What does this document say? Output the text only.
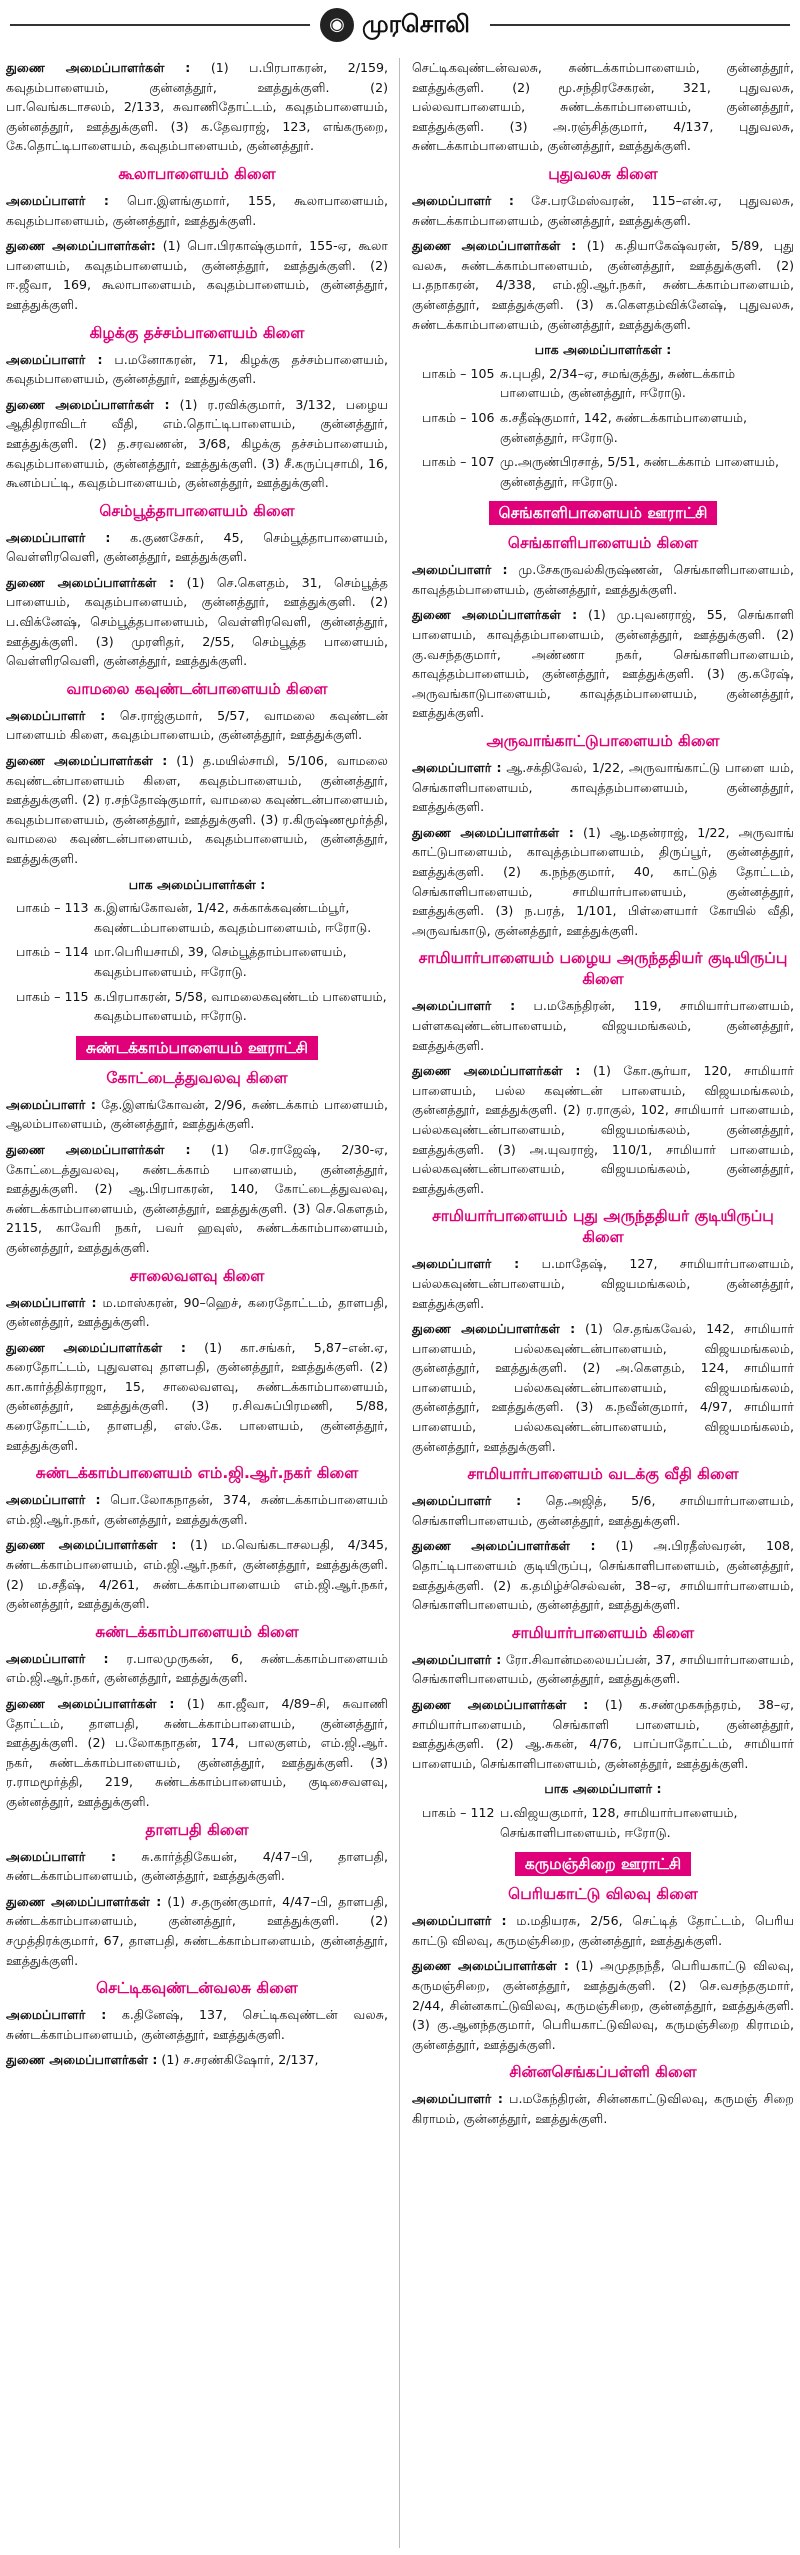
◉ முரசொலி

துணை அமைப்பாளர்கள் : (1) ப.பிரபாகரன், 2/159, கவுதம்பாளையம், குன்னத்தூர், ஊத்துக்குளி. (2) பா.வெங்கடாசலம், 2/133, சுவாணிதோட்டம், கவுதம்பாளையம், குன்னத்தூர், ஊத்துக்குளி. (3) க.தேவராஜ், 123, எங்கருறை, கே.தொட்டிபாளையம், கவுதம்பாளையம், குன்னத்தூர்.

கூலாபாளையம் கிளை

அமைப்பாளர் : பொ.இளங்குமார், 155, கூலாபாளையம், கவுதம்பாளையம், குன்னத்தூர், ஊத்துக்குளி.

துணை அமைப்பாளர்கள்: (1) பொ.பிரகாஷ்குமார், 155-ஏ, கூலா பாளையம், கவுதம்பாளையம், குன்னத்தூர், ஊத்துக்குளி. (2) ஈ.ஜீவா, 169, கூலாபாளையம், கவுதம்பாளையம், குன்னத்தூர், ஊத்துக்குளி.

கிழக்கு தச்சம்பாளையம் கிளை

அமைப்பாளர் : ப.மனோகரன், 71, கிழக்கு தச்சம்பாளையம், கவுதம்பாளையம், குன்னத்தூர், ஊத்துக்குளி.

துணை அமைப்பாளர்கள் : (1) ர.ரவிக்குமார், 3/132, பழைய ஆதிதிராவிடர் வீதி, எம்.தொட்டிபாளையம், குன்னத்தூர், ஊத்துக்குளி. (2) த.சரவணன், 3/68, கிழக்கு தச்சம்பாளையம், கவுதம்பாளையம், குன்னத்தூர், ஊத்துக்குளி. (3) சீ.கருப்புசாமி, 16, கூனம்பட்டி, கவுதம்பாளையம், குன்னத்தூர், ஊத்துக்குளி.

செம்பூத்தாபாளையம் கிளை

அமைப்பாளர் : க.குணசேகர், 45, செம்பூத்தாபாளையம், வெள்ளிரவெளி, குன்னத்தூர், ஊத்துக்குளி.

துணை அமைப்பாளர்கள் : (1) செ.கௌதம், 31, செம்பூத்த பாளையம், கவுதம்பாளையம், குன்னத்தூர், ஊத்துக்குளி. (2) ப.விக்னேஷ், செம்பூத்தபாளையம், வெள்ளிரவெளி, குன்னத்தூர், ஊத்துக்குளி. (3) முரளிதர், 2/55, செம்பூத்த பாளையம், வெள்ளிரவெளி, குன்னத்தூர், ஊத்துக்குளி.

வாமலை கவுண்டன்பாளையம் கிளை

அமைப்பாளர் : செ.ராஜ்குமார், 5/57, வாமலை கவுண்டன் பாளையம் கிளை, கவுதம்பாளையம், குன்னத்தூர், ஊத்துக்குளி.

துணை அமைப்பாளர்கள் : (1) த.மயில்சாமி, 5/106, வாமலை கவுண்டன்பாளையம் கிளை, கவுதம்பாளையம், குன்னத்தூர், ஊத்துக்குளி. (2) ர.சந்தோஷ்குமார், வாமலை கவுண்டன்பாளையம், கவுதம்பாளையம், குன்னத்தூர், ஊத்துக்குளி. (3) ர.கிருஷ்ணமூர்த்தி, வாமலை கவுண்டன்பாளையம், கவுதம்பாளையம், குன்னத்தூர், ஊத்துக்குளி.

பாக அமைப்பாளர்கள் :
பாகம் – 113 க.இளங்கோவன், 1/42, சுக்காக்கவுண்டம்பூர், கவுண்டம்பாளையம், கவுதம்பாளையம், ஈரோடு.
பாகம் – 114 மா.பெரியசாமி, 39, செம்பூத்தாம்பாளையம், கவுதம்பாளையம், ஈரோடு.
பாகம் – 115 க.பிரபாகரன், 5/58, வாமலைகவுண்டம் பாளையம், கவுதம்பாளையம், ஈரோடு.
சுண்டக்காம்பாளையம் ஊராட்சி
கோட்டைத்துவலவு கிளை

அமைப்பாளர் : தே.இளங்கோவன், 2/96, சுண்டக்காம் பாளையம், ஆலம்பாளையம், குன்னத்தூர், ஊத்துக்குளி.

துணை அமைப்பாளர்கள் : (1) செ.ராஜேஷ், 2/30-ஏ, கோட்டைத்துவலவு, சுண்டக்காம் பாளையம், குன்னத்தூர், ஊத்துக்குளி. (2) ஆ.பிரபாகரன், 140, கோட்டைத்துவலவு, சுண்டக்காம்பாளையம், குன்னத்தூர், ஊத்துக்குளி. (3) செ.கௌதம், 2115, காவேரி நகர், பவர் ஹவுஸ், சுண்டக்காம்பாளையம், குன்னத்தூர், ஊத்துக்குளி.

சாலைவளவு கிளை

அமைப்பாளர் : ம.மாஸ்கரன், 90–ஹெச், கரைதோட்டம், தாளபதி, குன்னத்தூர், ஊத்துக்குளி.

துணை அமைப்பாளர்கள் : (1) கா.சங்கர், 5,87–என்.ஏ, கரைதோட்டம், புதுவளவு தாளபதி, குன்னத்தூர், ஊத்துக்குளி. (2) கா.கார்த்திக்ராஜா, 15, சாலைவளவு, சுண்டக்காம்பாளையம், குன்னத்தூர், ஊத்துக்குளி. (3) ர.சிவசுப்பிரமணி, 5/88, கரைதோட்டம், தாளபதி, எஸ்.கே. பாளையம், குன்னத்தூர், ஊத்துக்குளி.

சுண்டக்காம்பாளையம் எம்.ஜி.ஆர்.நகர் கிளை

அமைப்பாளர் : பொ.லோகநாதன், 374, சுண்டக்காம்பாளையம் எம்.ஜி.ஆர்.நகர், குன்னத்தூர், ஊத்துக்குளி.

துணை அமைப்பாளர்கள் : (1) ம.வெங்கடாசலபதி, 4/345, சுண்டக்காம்பாளையம், எம்.ஜி.ஆர்.நகர், குன்னத்தூர், ஊத்துக்குளி. (2) ம.சதீஷ், 4/261, சுண்டக்காம்பாளையம் எம்.ஜி.ஆர்.நகர், குன்னத்தூர், ஊத்துக்குளி.

சுண்டக்காம்பாளையம் கிளை

அமைப்பாளர் : ர.பாலமுருகன், 6, சுண்டக்காம்பாளையம் எம்.ஜி.ஆர்.நகர், குன்னத்தூர், ஊத்துக்குளி.

துணை அமைப்பாளர்கள் : (1) கா.ஜீவா, 4/89–சி, சுவாணி தோட்டம், தாளபதி, சுண்டக்காம்பாளையம், குன்னத்தூர், ஊத்துக்குளி. (2) ப.லோகநாதன், 174, பாலகுளம், எம்.ஜி.ஆர். நகர், சுண்டக்காம்பாளையம், குன்னத்தூர், ஊத்துக்குளி. (3) ர.ராமமூர்த்தி, 219, சுண்டக்காம்பாளையம், குடிசைவளவு, குன்னத்தூர், ஊத்துக்குளி.

தாளபதி கிளை

அமைப்பாளர் : சு.கார்த்திகேயன், 4/47–பி, தாளபதி, சுண்டக்காம்பாளையம், குன்னத்தூர், ஊத்துக்குளி.

துணை அமைப்பாளர்கள் : (1) ச.தருண்குமார், 4/47–பி, தாளபதி, சுண்டக்காம்பாளையம், குன்னத்தூர், ஊத்துக்குளி. (2) சமுத்திரக்குமார், 67, தாளபதி, சுண்டக்காம்பாளையம், குன்னத்தூர், ஊத்துக்குளி.

செட்டிகவுண்டன்வலசு கிளை

அமைப்பாளர் : க.தினேஷ், 137, செட்டிகவுண்டன் வலசு, சுண்டக்காம்பாளையம், குன்னத்தூர், ஊத்துக்குளி.

துணை அமைப்பாளர்கள் : (1) ச.சரண்கிஷோர், 2/137,

செட்டிகவுண்டன்வலசு, சுண்டக்காம்பாளையம், குன்னத்தூர், ஊத்துக்குளி. (2) மூ.சந்திரசேகரன், 321, புதுவலசு, பல்லவாபாளையம், சுண்டக்காம்பாளையம், குன்னத்தூர், ஊத்துக்குளி. (3) அ.ரஞ்சித்குமார், 4/137, புதுவலசு, சுண்டக்காம்பாளையம், குன்னத்தூர், ஊத்துக்குளி.

புதுவலசு கிளை

அமைப்பாளர் : சே.பரமேஸ்வரன், 115–என்.ஏ, புதுவலசு, சுண்டக்காம்பாளையம், குன்னத்தூர், ஊத்துக்குளி.

துணை அமைப்பாளர்கள் : (1) க.தியாகேஷ்வரன், 5/89, புது வலசு, சுண்டக்காம்பாளையம், குன்னத்தூர், ஊத்துக்குளி. (2) ப.தநாகரன், 4/338, எம்.ஜி.ஆர்.நகர், சுண்டக்காம்பாளையம், குன்னத்தூர், ஊத்துக்குளி. (3) க.கௌதம்விக்னேஷ், புதுவலசு, சுண்டக்காம்பாளையம், குன்னத்தூர், ஊத்துக்குளி.

பாக அமைப்பாளர்கள் :
பாகம் – 105 சு.புபதி, 2/34–ஏ, சமங்குத்து, சுண்டக்காம் பாளையம், குன்னத்தூர், ஈரோடு.
பாகம் – 106 க.சதீஷ்குமார், 142, சுண்டக்காம்பாளையம், குன்னத்தூர், ஈரோடு.
பாகம் – 107 மு.அருண்பிரசாத், 5/51, சுண்டக்காம் பாளையம், குன்னத்தூர், ஈரோடு.
செங்காளிபாளையம் ஊராட்சி
செங்காளிபாளையம் கிளை

அமைப்பாளர் : மு.சேகருவல்கிருஷ்ணன், செங்காளிபாளையம், காவுத்தம்பாளையம், குன்னத்தூர், ஊத்துக்குளி.

துணை அமைப்பாளர்கள் : (1) மு.புவனராஜ், 55, செங்காளி பாளையம், காவுத்தம்பாளையம், குன்னத்தூர், ஊத்துக்குளி. (2) கு.வசந்தகுமார், அண்ணா நகர், செங்காளிபாளையம், காவுத்தம்பாளையம், குன்னத்தூர், ஊத்துக்குளி. (3) கு.கரேஷ், அருவங்காடுபாளையம், காவுத்தம்பாளையம், குன்னத்தூர், ஊத்துக்குளி.

அருவாங்காட்டுபாளையம் கிளை

அமைப்பாளர் : ஆ.சக்திவேல், 1/22, அருவாங்காட்டு பாளை யம், செங்காளிபாளையம், காவுத்தம்பாளையம், குன்னத்தூர், ஊத்துக்குளி.

துணை அமைப்பாளர்கள் : (1) ஆ.மதன்ராஜ், 1/22, அருவாங் காட்டுபாளையம், காவுத்தம்பாளையம், திருப்பூர், குன்னத்தூர், ஊத்துக்குளி. (2) க.நந்தகுமார், 40, காட்டுத் தோட்டம், செங்காளிபாளையம், சாமியார்பாளையம், குன்னத்தூர், ஊத்துக்குளி. (3) ந.பரத், 1/101, பிள்ளையார் கோயில் வீதி, அருவங்காடு, குன்னத்தூர், ஊத்துக்குளி.

சாமியார்பாளையம் பழைய அருந்ததியர் குடியிருப்பு கிளை

அமைப்பாளர் : ப.மகேந்திரன், 119, சாமியார்பாளையம், பள்ளகவுண்டன்பாளையம், விஜயமங்கலம், குன்னத்தூர், ஊத்துக்குளி.

துணை அமைப்பாளர்கள் : (1) கோ.சூர்யா, 120, சாமியார் பாளையம், பல்ல கவுண்டன் பாளையம், விஜயமங்கலம், குன்னத்தூர், ஊத்துக்குளி. (2) ர.ராகுல், 102, சாமியார் பாளையம், பல்லகவுண்டன்பாளையம், விஜயமங்கலம், குன்னத்தூர், ஊத்துக்குளி. (3) அ.யுவராஜ், 110/1, சாமியார் பாளையம், பல்லகவுண்டன்பாளையம், விஜயமங்கலம், குன்னத்தூர், ஊத்துக்குளி.

சாமியார்பாளையம் புது அருந்ததியர் குடியிருப்பு கிளை

அமைப்பாளர் : ப.மாதேஷ், 127, சாமியார்பாளையம், பல்லகவுண்டன்பாளையம், விஜயமங்கலம், குன்னத்தூர், ஊத்துக்குளி.

துணை அமைப்பாளர்கள் : (1) செ.தங்கவேல், 142, சாமியார் பாளையம், பல்லகவுண்டன்பாளையம், விஜயமங்கலம், குன்னத்தூர், ஊத்துக்குளி. (2) அ.கௌதம், 124, சாமியார் பாளையம், பல்லகவுண்டன்பாளையம், விஜயமங்கலம், குன்னத்தூர், ஊத்துக்குளி. (3) க.நவீன்குமார், 4/97, சாமியார் பாளையம், பல்லகவுண்டன்பாளையம், விஜயமங்கலம், குன்னத்தூர், ஊத்துக்குளி.

சாமியார்பாளையம் வடக்கு வீதி கிளை

அமைப்பாளர் : தெ.அஜித், 5/6, சாமியார்பாளையம், செங்காளிபாளையம், குன்னத்தூர், ஊத்துக்குளி.

துணை அமைப்பாளர்கள் : (1) அ.பிரதீஸ்வரன், 108, தொட்டிபாளையம் குடியிருப்பு, செங்காளிபாளையம், குன்னத்தூர், ஊத்துக்குளி. (2) க.தமிழ்ச்செல்வன், 38–ஏ, சாமியார்பாளையம், செங்காளிபாளையம், குன்னத்தூர், ஊத்துக்குளி.

சாமியார்பாளையம் கிளை

அமைப்பாளர் : ரோ.சிவான்மலையப்பன், 37, சாமியார்பாளையம், செங்காளிபாளையம், குன்னத்தூர், ஊத்துக்குளி.

துணை அமைப்பாளர்கள் : (1) க.சண்முகசுந்தரம், 38–ஏ, சாமியார்பாளையம், செங்காளி பாளையம், குன்னத்தூர், ஊத்துக்குளி. (2) ஆ.சுகன், 4/76, பாப்பாதோட்டம், சாமியார் பாளையம், செங்காளிபாளையம், குன்னத்தூர், ஊத்துக்குளி.

பாக அமைப்பாளர் :
பாகம் – 112 ப.விஜயகுமார், 128, சாமியார்பாளையம், செங்காளிபாளையம், ஈரோடு.
கருமஞ்சிறை ஊராட்சி
பெரியகாட்டு விலவு கிளை

அமைப்பாளர் : ம.மதியரசு, 2/56, செட்டித் தோட்டம், பெரிய காட்டு விலவு, கருமஞ்சிறை, குன்னத்தூர், ஊத்துக்குளி.

துணை அமைப்பாளர்கள் : (1) அமுதநந்தீ, பெரியகாட்டு விலவு, கருமஞ்சிறை, குன்னத்தூர், ஊத்துக்குளி. (2) செ.வசந்தகுமார், 2/44, சின்னகாட்டுவிலவு, கருமஞ்சிறை, குன்னத்தூர், ஊத்துக்குளி. (3) கு.ஆனந்தகுமார், பெரியகாட்டுவிலவு, கருமஞ்சிறை கிராமம், குன்னத்தூர், ஊத்துக்குளி.

சின்னசெங்கப்பள்ளி கிளை

அமைப்பாளர் : ப.மகேந்திரன், சின்னகாட்டுவிலவு, கருமஞ் சிறை கிராமம், குன்னத்தூர், ஊத்துக்குளி.
